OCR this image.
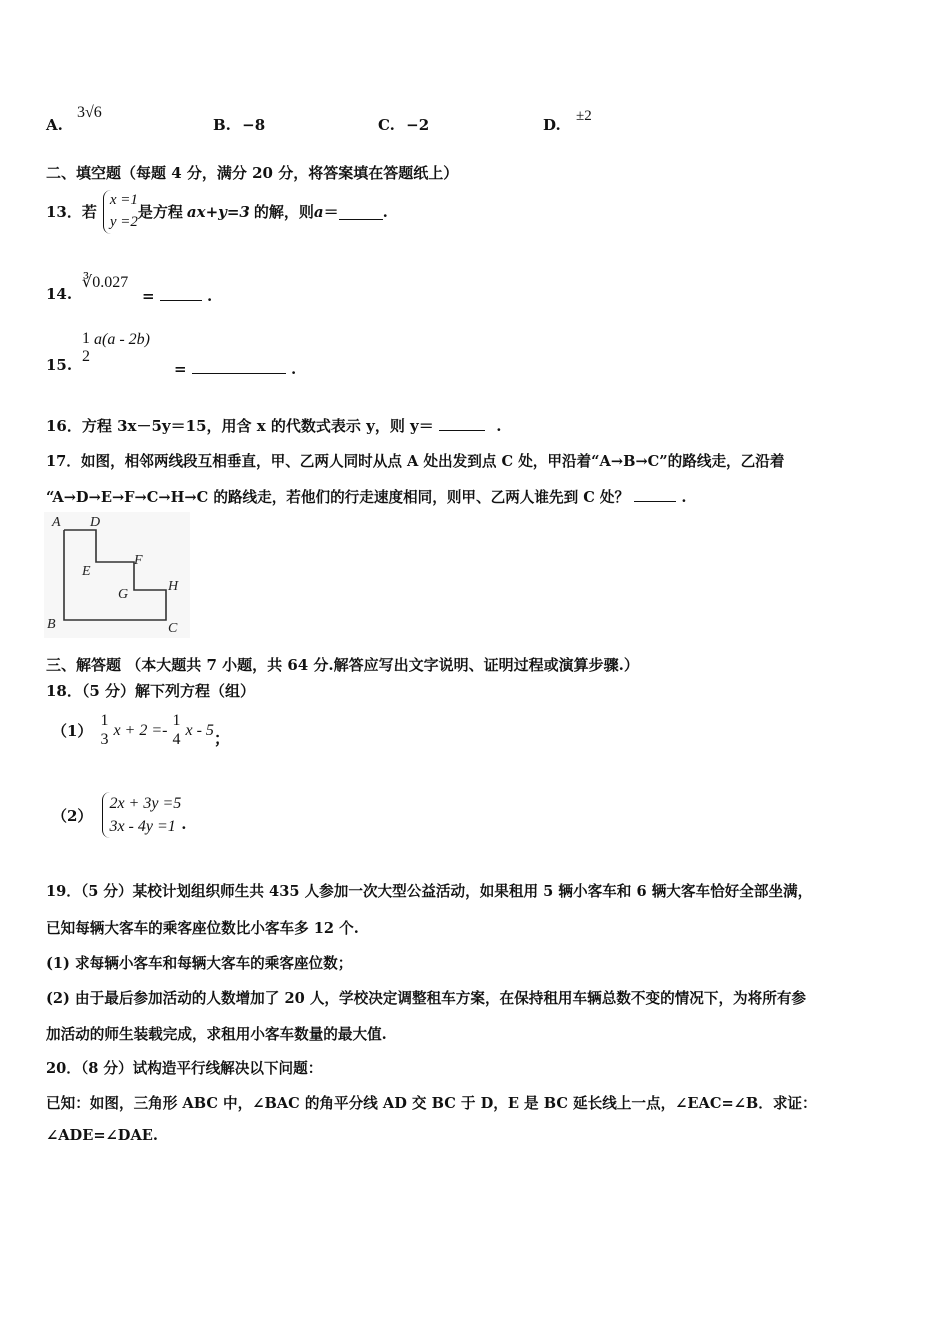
A.
3√6
B. −8	C. −2	D. ±2
二、填空题（每题 4 分，满分 20 分，将答案填在答题纸上）
13．若
x =1
y =2
是方程 ax+y=3 的解，则 a ＝	.
14.
∛0.027
=	.
15.
1
2
a(a - 2b)
=	.
16．方程 3x－5y＝15，用含 x 的代数式表示 y，则 y＝	.
17．如图，相邻两线段互相垂直，甲、乙两人同时从点 A 处出发到点 C 处，甲沿着“A→B→C”的路线走，乙沿着
“A→D→E→F→C→H→C 的路线走，若他们的行走速度相同，则甲、乙两人谁先到 C 处？	.
A D
E
F
G
H
B	C
三、解答题 （本大题共 7 小题，共 64 分.解答应写出文字说明、证明过程或演算步骤.）
18．（5 分）解下列方程（组）
（1）
1
3
x + 2 =-
1
4
x - 5
；
（2）
2x + 3y =5
3x - 4y =1 .
19．（5 分）某校计划组织师生共 435 人参加一次大型公益活动，如果租用 5 辆小客车和 6 辆大客车恰好全部坐满，
已知每辆大客车的乘客座位数比小客车多 12 个.
(1) 求每辆小客车和每辆大客车的乘客座位数；
(2) 由于最后参加活动的人数增加了 20 人，学校决定调整租车方案，在保持租用车辆总数不变的情况下，为将所有参
加活动的师生装载完成，求租用小客车数量的最大值.
20．（8 分）试构造平行线解决以下问题：
已知：如图，三角形 ABC 中，∠BAC 的角平分线 AD 交 BC 于 D，E 是 BC 延长线上一点，∠EAC=∠B．求证：
∠ADE=∠DAE.
